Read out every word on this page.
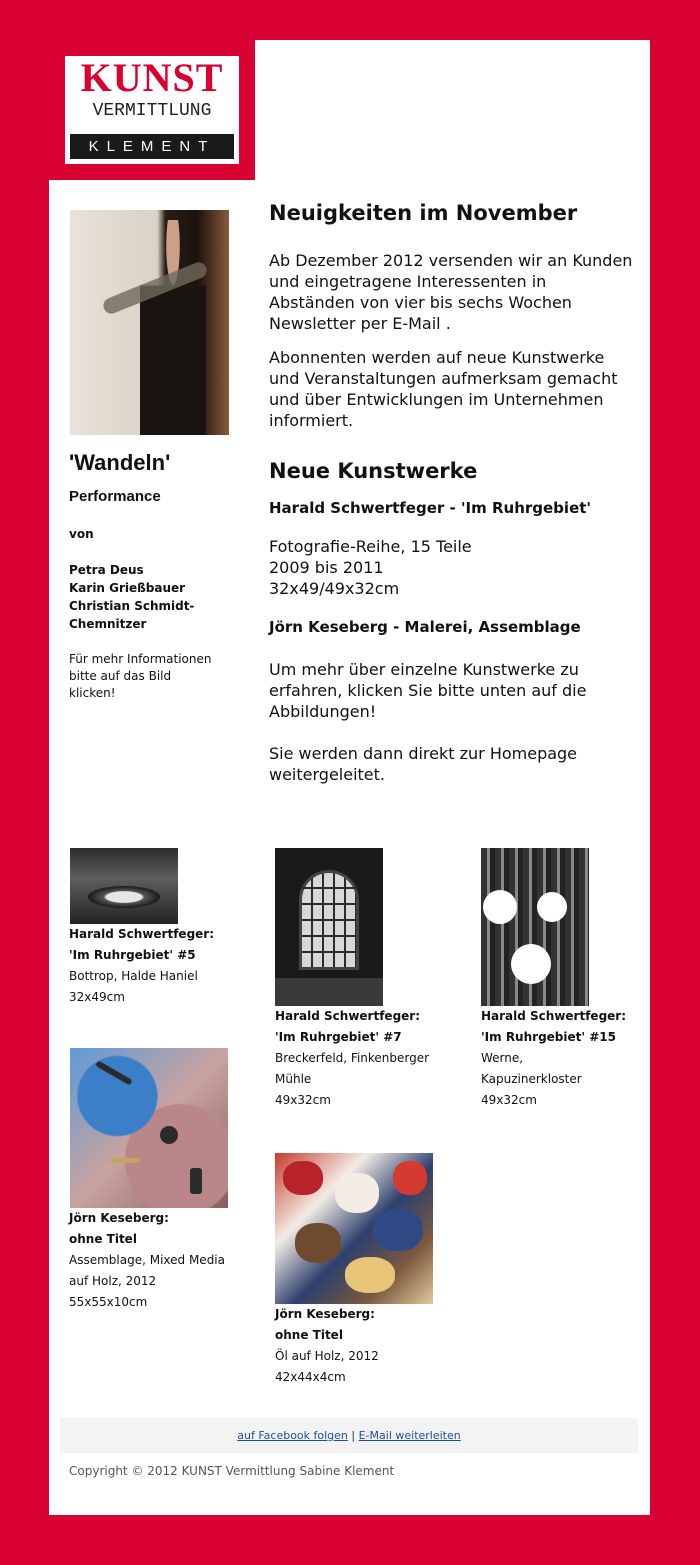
KUNST
VERMITTLUNG
KLEMENT
'Wandeln'
Performance
von
Petra Deus
Karin Grießbauer
Christian Schmidt-
Chemnitzer
Für mehr Informationen
bitte auf das Bild
klicken!
Neuigkeiten im November
Ab Dezember 2012 versenden wir an Kunden
und eingetragene Interessenten in
Abständen von vier bis sechs Wochen
Newsletter per E-Mail .
Abonnenten werden auf neue Kunstwerke
und Veranstaltungen aufmerksam gemacht
und über Entwicklungen im Unternehmen
informiert.
Neue Kunstwerke
Harald Schwertfeger - 'Im Ruhrgebiet'
Fotografie-Reihe, 15 Teile
2009 bis 2011
32x49/49x32cm
Jörn Keseberg - Malerei, Assemblage
Um mehr über einzelne Kunstwerke zu
erfahren, klicken Sie bitte unten auf die
Abbildungen!
Sie werden dann direkt zur Homepage
weitergeleitet.
Harald Schwertfeger:
'Im Ruhrgebiet' #5
Bottrop, Halde Haniel
32x49cm
Harald Schwertfeger:
'Im Ruhrgebiet' #7
Breckerfeld, Finkenberger
Mühle
49x32cm
Harald Schwertfeger:
'Im Ruhrgebiet' #15
Werne,
Kapuzinerkloster
49x32cm
Jörn Keseberg:
ohne Titel
Assemblage, Mixed Media
auf Holz, 2012
55x55x10cm
Jörn Keseberg:
ohne Titel
Öl auf Holz, 2012
42x44x4cm
auf Facebook folgen | E-Mail weiterleiten
Copyright © 2012 KUNST Vermittlung Sabine Klement
